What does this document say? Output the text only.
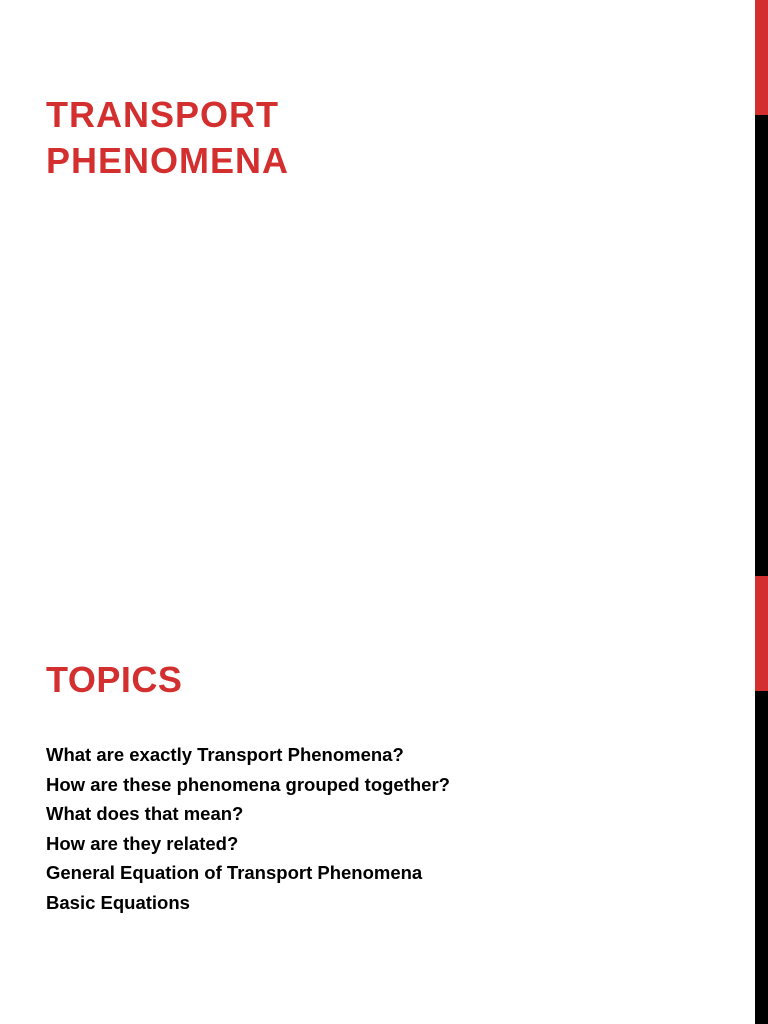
TRANSPORT PHENOMENA
TOPICS
What are exactly Transport Phenomena?
How are these phenomena grouped together?
What does that mean?
How are they related?
General Equation of Transport Phenomena
Basic Equations
